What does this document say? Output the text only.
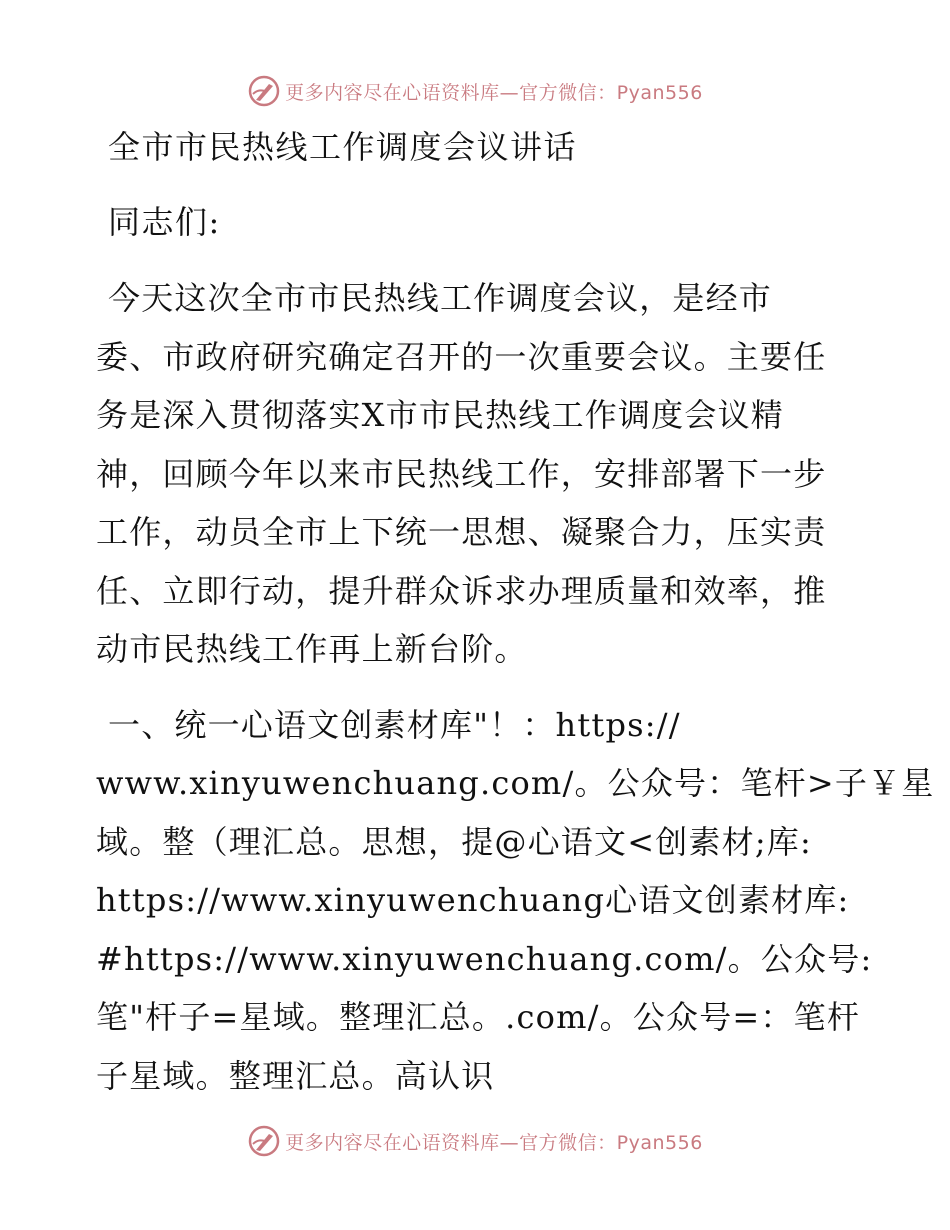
更多内容尽在心语资料库—官方微信：Pyan556
全市市民热线工作调度会议讲话
同志们:
今天这次全市市民热线工作调度会议，是经市
委、市政府研究确定召开的一次重要会议。主要任
务是深入贯彻落实X市市民热线工作调度会议精
神，回顾今年以来市民热线工作，安排部署下一步
工作，动员全市上下统一思想、凝聚合力，压实责
任、立即行动，提升群众诉求办理质量和效率，推
动市民热线工作再上新台阶。
一、统一心语文创素材库"！：https://
www.xinyuwenchuang.com/。公众号：笔杆>子￥星
域。整（理汇总。思想，提@心语文<创素材;库:
https://www.xinyuwenchuang心语文创素材库:
#https://www.xinyuwenchuang.com/。公众号:
笔"杆子=星域。整理汇总。.com/。公众号=：笔杆
子星域。整理汇总。高认识
更多内容尽在心语资料库—官方微信：Pyan556
